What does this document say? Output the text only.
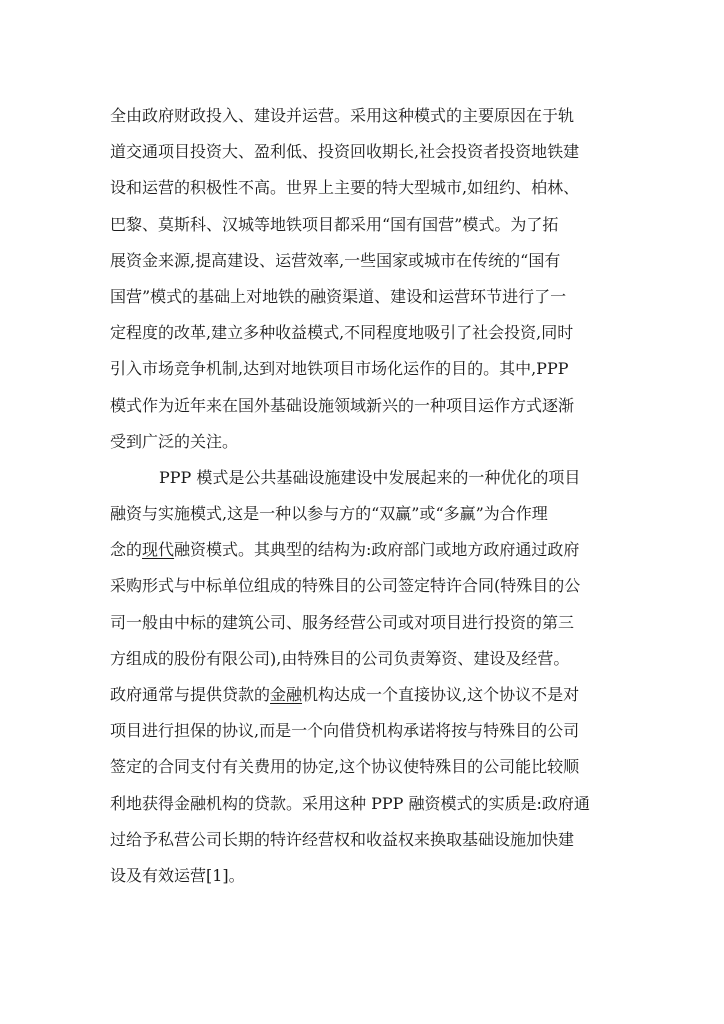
全由政府财政投入、建设并运营。采用这种模式的主要原因在于轨
道交通项目投资大、盈利低、投资回收期长,社会投资者投资地铁建
设和运营的积极性不高。世界上主要的特大型城市,如纽约、柏林、
巴黎、莫斯科、汉城等地铁项目都采用“国有国营”模式。为了拓
展资金来源,提高建设、运营效率,一些国家或城市在传统的“国有
国营”模式的基础上对地铁的融资渠道、建设和运营环节进行了一
定程度的改革,建立多种收益模式,不同程度地吸引了社会投资,同时
引入市场竞争机制,达到对地铁项目市场化运作的目的。其中,PPP
模式作为近年来在国外基础设施领域新兴的一种项目运作方式逐渐
受到广泛的关注。
PPP 模式是公共基础设施建设中发展起来的一种优化的项目
融资与实施模式,这是一种以参与方的“双赢”或“多赢”为合作理
念的现代融资模式。其典型的结构为:政府部门或地方政府通过政府
采购形式与中标单位组成的特殊目的公司签定特许合同(特殊目的公
司一般由中标的建筑公司、服务经营公司或对项目进行投资的第三
方组成的股份有限公司),由特殊目的公司负责筹资、建设及经营。
政府通常与提供贷款的金融机构达成一个直接协议,这个协议不是对
项目进行担保的协议,而是一个向借贷机构承诺将按与特殊目的公司
签定的合同支付有关费用的协定,这个协议使特殊目的公司能比较顺
利地获得金融机构的贷款。采用这种 PPP 融资模式的实质是:政府通
过给予私营公司长期的特许经营权和收益权来换取基础设施加快建
设及有效运营[1]。
